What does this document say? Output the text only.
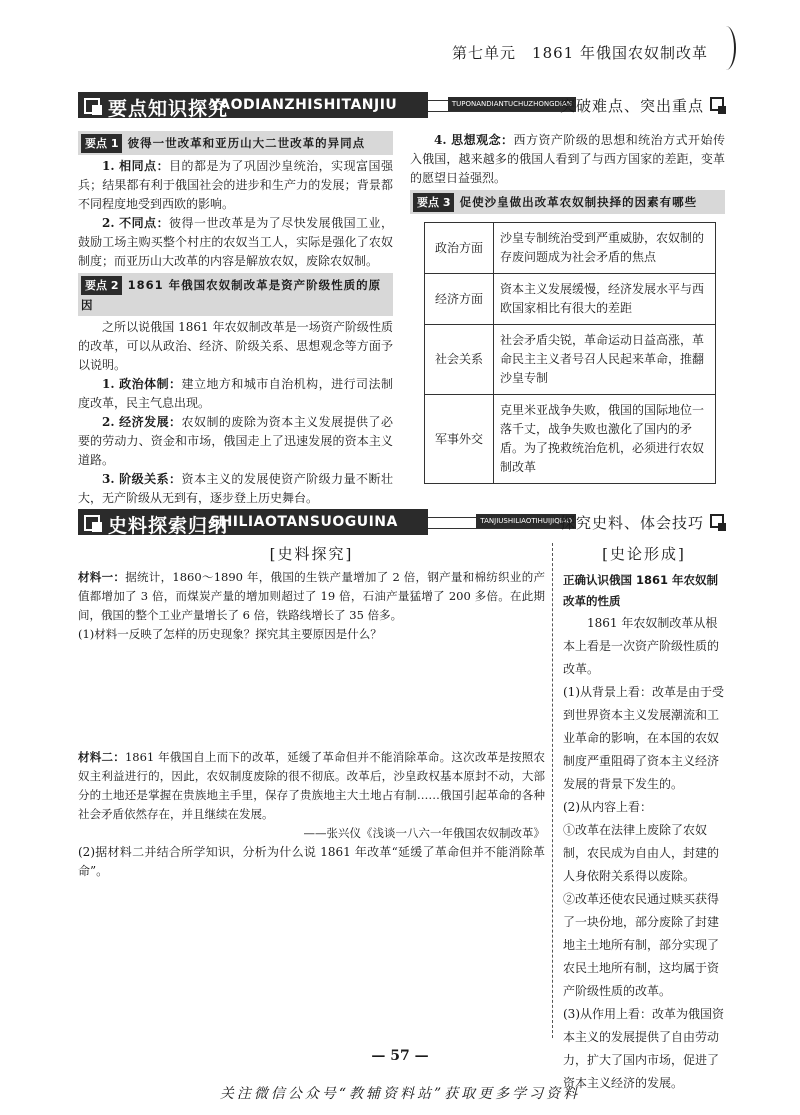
第七单元　1861 年俄国农奴制改革
要点知识探究
YAODIANZHISHITANJIU	TUPONANDIANTUCHUZHONGDIAN
突破难点、突出重点
要点 1 彼得一世改革和亚历山大二世改革的异同点

1. 相同点：目的都是为了巩固沙皇统治，实现富国强兵；结果都有利于俄国社会的进步和生产力的发展；背景都不同程度地受到西欧的影响。

2. 不同点：彼得一世改革是为了尽快发展俄国工业，鼓励工场主购买整个村庄的农奴当工人，实际是强化了农奴制度；而亚历山大改革的内容是解放农奴，废除农奴制。

要点 2 1861 年俄国农奴制改革是资产阶级性质的原因

之所以说俄国 1861 年农奴制改革是一场资产阶级性质的改革，可以从政治、经济、阶级关系、思想观念等方面予以说明。

1. 政治体制：建立地方和城市自治机构，进行司法制度改革，民主气息出现。

2. 经济发展：农奴制的废除为资本主义发展提供了必要的劳动力、资金和市场，俄国走上了迅速发展的资本主义道路。

3. 阶级关系：资本主义的发展使资产阶级力量不断壮大，无产阶级从无到有，逐步登上历史舞台。

4. 思想观念：西方资产阶级的思想和统治方式开始传入俄国，越来越多的俄国人看到了与西方国家的差距，变革的愿望日益强烈。

要点 3 促使沙皇做出改革农奴制抉择的因素有哪些
政治方面	沙皇专制统治受到严重威胁，农奴制的存废问题成为社会矛盾的焦点
经济方面	资本主义发展缓慢，经济发展水平与西欧国家相比有很大的差距
社会关系	社会矛盾尖锐，革命运动日益高涨，革命民主主义者号召人民起来革命，推翻沙皇专制
军事外交	克里米亚战争失败，俄国的国际地位一落千丈，战争失败也激化了国内的矛盾。为了挽救统治危机，必须进行农奴制改革
史料探索归纳
SHILIAOTANSUOGUINA	TANJIUSHILIAOTIHUIJIQIAO
探究史料、体会技巧
[史料探究]
材料一：据统计，1860～1890 年，俄国的生铁产量增加了 2 倍，钢产量和棉纺织业的产值都增加了 3 倍，而煤炭产量的增加则超过了 19 倍，石油产量猛增了 200 多倍。在此期间，俄国的整个工业产量增长了 6 倍，铁路线增长了 35 倍多。
(1)材料一反映了怎样的历史现象？探究其主要原因是什么？
材料二：1861 年俄国自上而下的改革，延缓了革命但并不能消除革命。这次改革是按照农奴主利益进行的，因此，农奴制度废除的很不彻底。改革后，沙皇政权基本原封不动，大部分的土地还是掌握在贵族地主手里，保存了贵族地主大土地占有制……俄国引起革命的各种社会矛盾依然存在，并且继续在发展。
——张兴仪《浅谈一八六一年俄国农奴制改革》
(2)据材料二并结合所学知识，分析为什么说 1861 年改革“延缓了革命但并不能消除革命”。
[史论形成]
正确认识俄国 1861 年农奴制改革的性质
1861 年农奴制改革从根本上看是一次资产阶级性质的改革。
(1)从背景上看：改革是由于受到世界资本主义发展潮流和工业革命的影响，在本国的农奴制度严重阻碍了资本主义经济发展的背景下发生的。
(2)从内容上看：
①改革在法律上废除了农奴制，农民成为自由人，封建的人身依附关系得以废除。
②改革还使农民通过赎买获得了一块份地，部分废除了封建地主土地所有制，部分实现了农民土地所有制，这均属于资产阶级性质的改革。
(3)从作用上看：改革为俄国资本主义的发展提供了自由劳动力，扩大了国内市场，促进了资本主义经济的发展。
— 57 —
关注微信公众号“教辅资料站”获取更多学习资料
